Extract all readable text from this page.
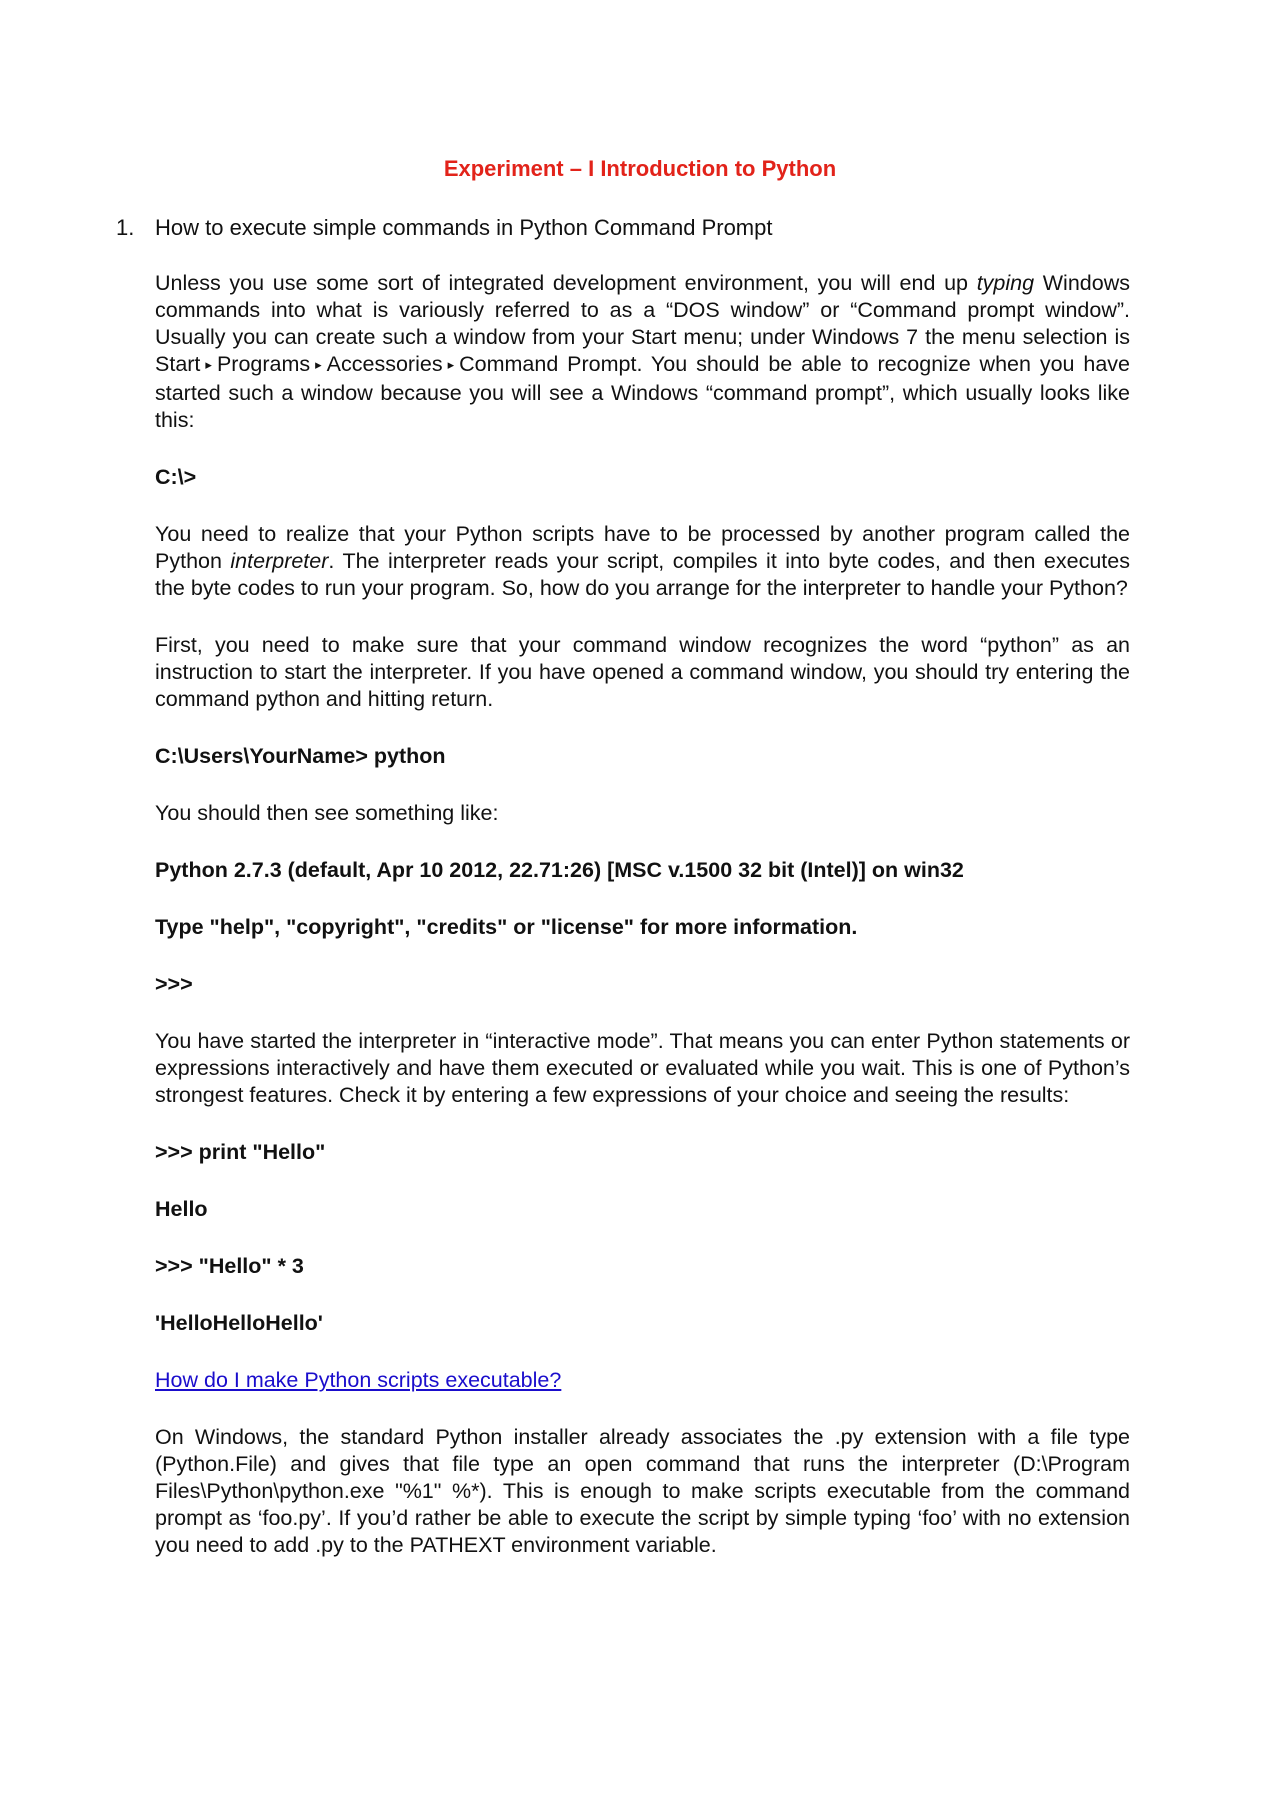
Experiment – I Introduction to Python
1. How to execute simple commands in Python Command Prompt

Unless you use some sort of integrated development environment, you will end up typing Windows commands into what is variously referred to as a “DOS window” or “Command prompt window”. Usually you can create such a window from your Start menu; under Windows 7 the menu selection is Start ▸ Programs ▸ Accessories ▸ Command Prompt. You should be able to recognize when you have started such a window because you will see a Windows “command prompt”, which usually looks like this:

C:\>

You need to realize that your Python scripts have to be processed by another program called the Python interpreter. The interpreter reads your script, compiles it into byte codes, and then executes the byte codes to run your program. So, how do you arrange for the interpreter to handle your Python?

First, you need to make sure that your command window recognizes the word “python” as an instruction to start the interpreter. If you have opened a command window, you should try entering the command python and hitting return.

C:\Users\YourName> python

You should then see something like:

Python 2.7.3 (default, Apr 10 2012, 22.71:26) [MSC v.1500 32 bit (Intel)] on win32

Type "help", "copyright", "credits" or "license" for more information.

>>>

You have started the interpreter in “interactive mode”. That means you can enter Python statements or expressions interactively and have them executed or evaluated while you wait. This is one of Python’s strongest features. Check it by entering a few expressions of your choice and seeing the results:

>>> print "Hello"

Hello

>>> "Hello" * 3

'HelloHelloHello'

How do I make Python scripts executable?

On Windows, the standard Python installer already associates the .py extension with a file type (Python.File) and gives that file type an open command that runs the interpreter (D:\Program Files\Python\python.exe "%1" %*). This is enough to make scripts executable from the command prompt as ‘foo.py’. If you’d rather be able to execute the script by simple typing ‘foo’ with no extension you need to add .py to the PATHEXT environment variable.
